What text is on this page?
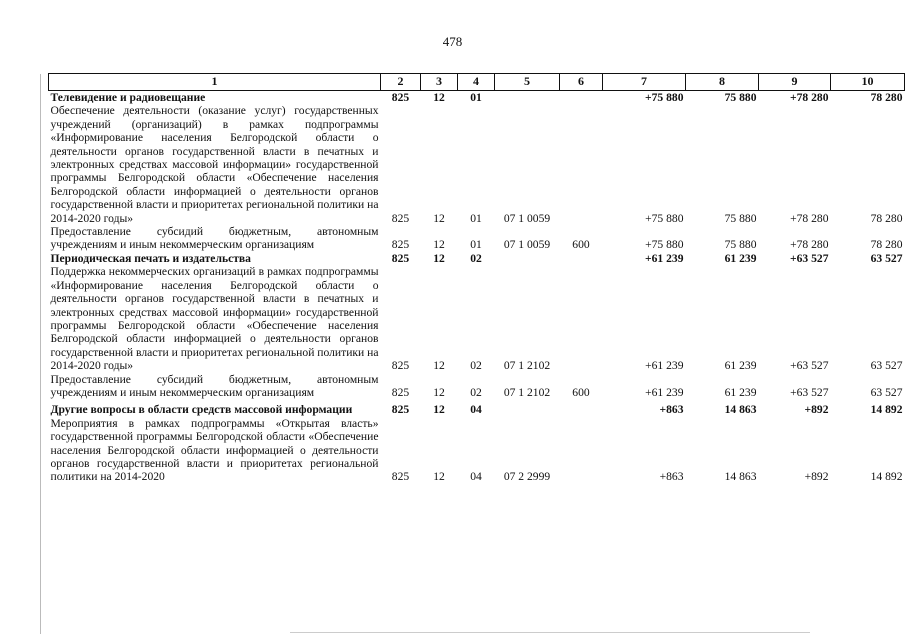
478
1	2	3	4	5	6	7	8	9	10
Телевидение и радиовещание	825	12	01			+75 880	75 880	+78 280	78 280
Обеспечение деятельности (оказание услуг) государственных учреждений (организаций) в рамках подпрограммы «Информирование населения Белгородской области о деятельности органов государственной власти в печатных и электронных средствах массовой информации» государственной программы Белгородской области «Обеспечение населения Белгородской области информацией о деятельности органов государственной власти и приоритетах региональной политики на 2014-2020 годы»	825	12	01	07 1 0059		+75 880	75 880	+78 280	78 280
Предоставление субсидий бюджетным, автономным учреждениям и иным некоммерческим организациям	825	12	01	07 1 0059	600	+75 880	75 880	+78 280	78 280
Периодическая печать и издательства	825	12	02			+61 239	61 239	+63 527	63 527
Поддержка некоммерческих организаций в рамках подпрограммы «Информирование населения Белгородской области о деятельности органов государственной власти в печатных и электронных средствах массовой информации» государственной программы Белгородской области «Обеспечение населения Белгородской области информацией о деятельности органов государственной власти и приоритетах региональной политики на 2014-2020 годы»	825	12	02	07 1 2102		+61 239	61 239	+63 527	63 527
Предоставление субсидий бюджетным, автономным учреждениям и иным некоммерческим организациям	825	12	02	07 1 2102	600	+61 239	61 239	+63 527	63 527
Другие вопросы в области средств массовой информации	825	12	04			+863	14 863	+892	14 892
Мероприятия в рамках подпрограммы «Открытая власть» государственной программы Белгородской области «Обеспечение населения Белгородской области информацией о деятельности органов государственной власти и приоритетах региональной политики на 2014-2020	825	12	04	07 2 2999		+863	14 863	+892	14 892
